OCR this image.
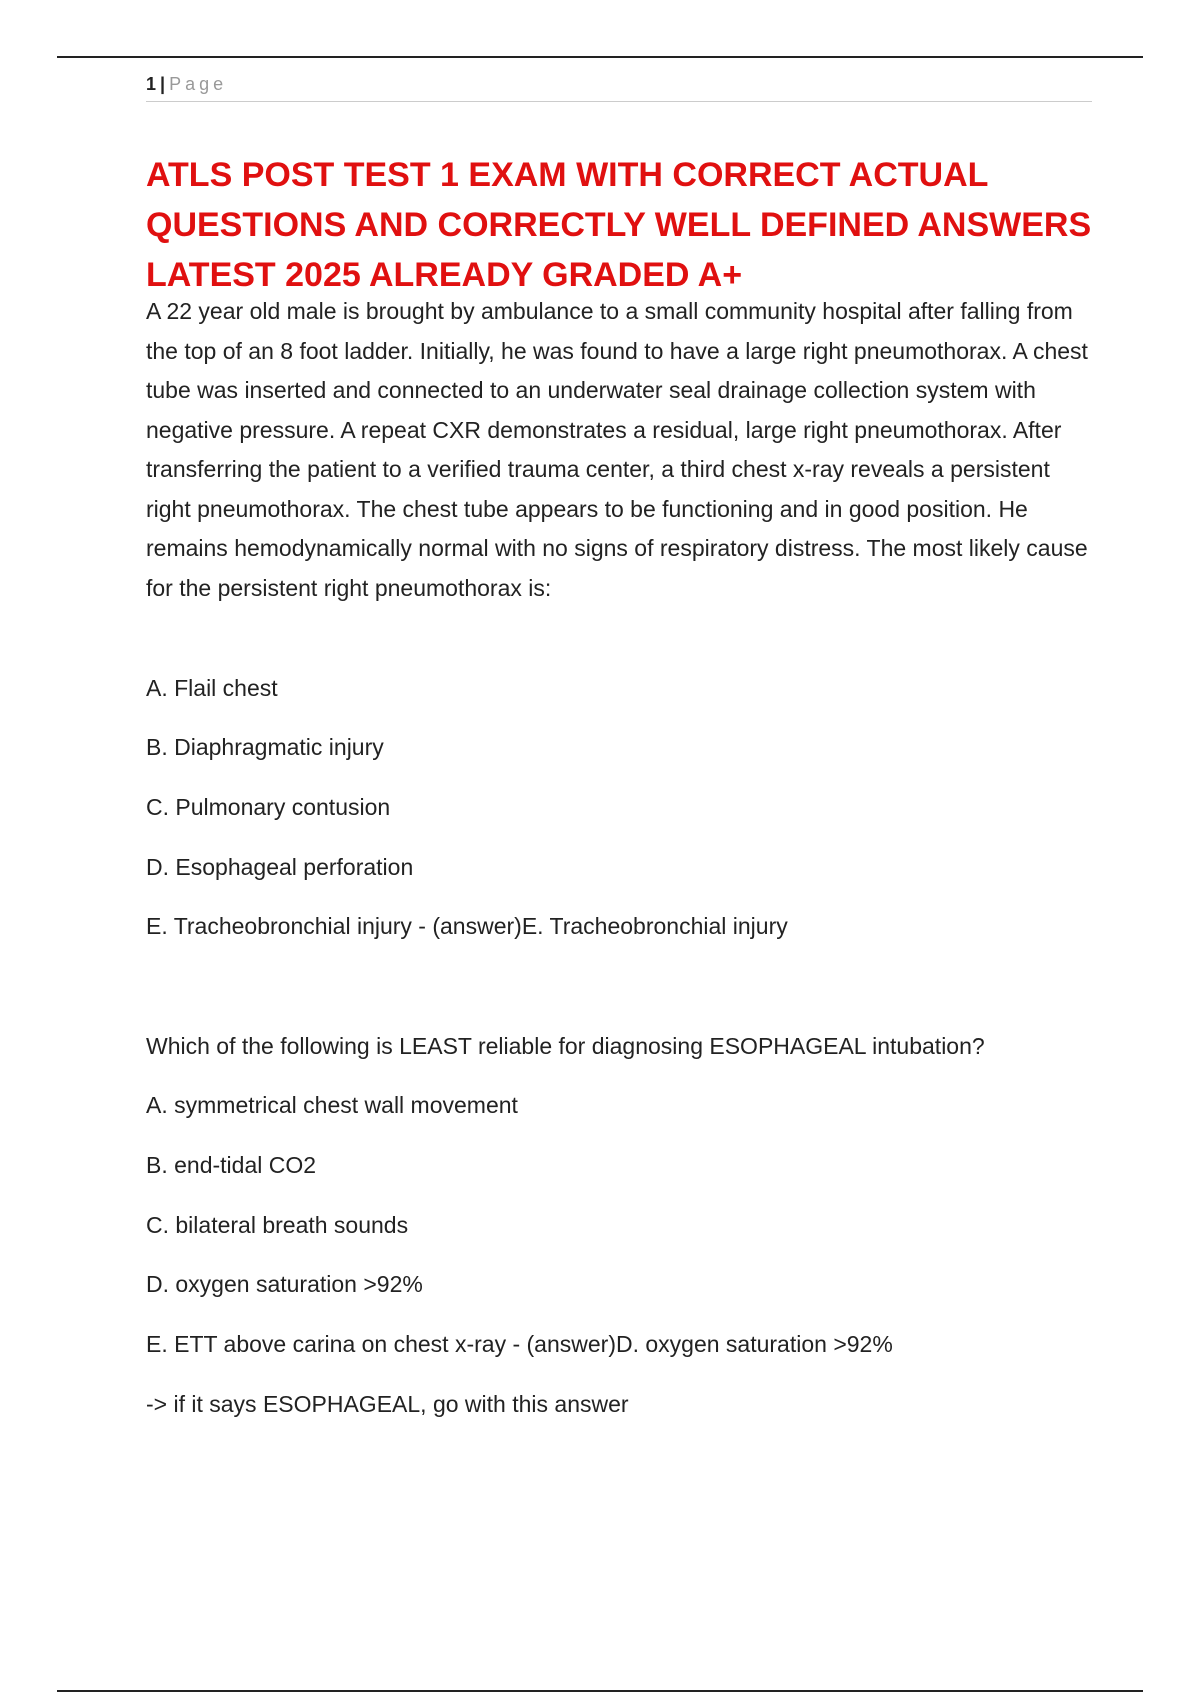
1 | Page
ATLS POST TEST 1 EXAM WITH CORRECT ACTUAL QUESTIONS AND CORRECTLY WELL DEFINED ANSWERS LATEST 2025 ALREADY GRADED A+
A 22 year old male is brought by ambulance to a small community hospital after falling from the top of an 8 foot ladder. Initially, he was found to have a large right pneumothorax. A chest tube was inserted and connected to an underwater seal drainage collection system with negative pressure. A repeat CXR demonstrates a residual, large right pneumothorax. After transferring the patient to a verified trauma center, a third chest x-ray reveals a persistent right pneumothorax. The chest tube appears to be functioning and in good position. He remains hemodynamically normal with no signs of respiratory distress. The most likely cause for the persistent right pneumothorax is:
A. Flail chest
B. Diaphragmatic injury
C. Pulmonary contusion
D. Esophageal perforation
E. Tracheobronchial injury - (answer)E. Tracheobronchial injury
Which of the following is LEAST reliable for diagnosing ESOPHAGEAL intubation?
A. symmetrical chest wall movement
B. end-tidal CO2
C. bilateral breath sounds
D. oxygen saturation >92%
E. ETT above carina on chest x-ray - (answer)D. oxygen saturation >92%
-> if it says ESOPHAGEAL, go with this answer
